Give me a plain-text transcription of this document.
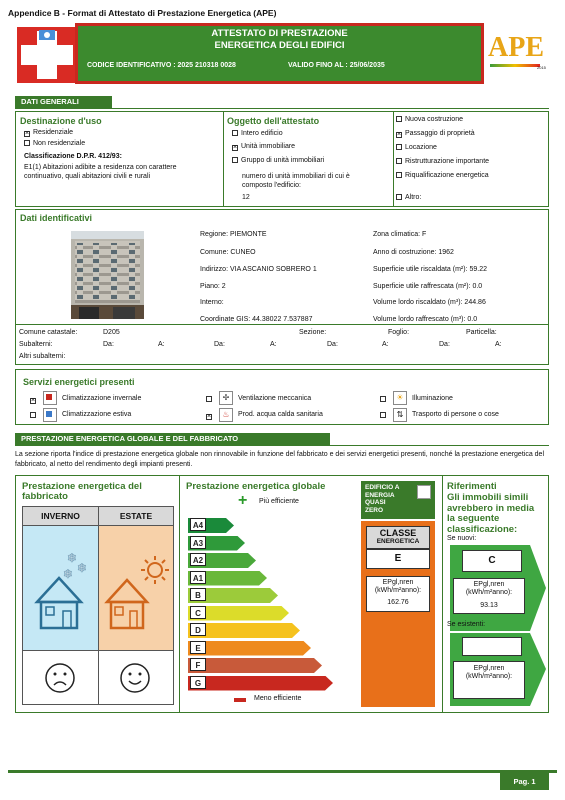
Appendice B - Format di Attestato di Prestazione Energetica (APE)
ATTESTATO DI PRESTAZIONE
ENERGETICA DEGLI EDIFICI
CODICE IDENTIFICATIVO : 2025 210318 0028	VALIDO FINO AL : 25/06/2035
APE
2015
DATI GENERALI
Destinazione d'uso
×Residenziale
Non residenziale
Classificazione D.P.R. 412/93:
E1(1) Abitazioni adibite a residenza con carattere continuativo, quali abitazioni civili e rurali
Oggetto dell'attestato
Intero edificio
×Unità immobiliare
Gruppo di unità immobiliari
numero di unità immobiliari di cui è composto l'edificio:
12
Nuova costruzione
×Passaggio di proprietà
Locazione
Ristrutturazione importante
Riqualificazione energetica
Altro:
Dati identificativi
Regione: PIEMONTE
Comune: CUNEO
Indirizzo: VIA ASCANIO SOBRERO 1
Piano: 2
Interno:
Coordinate GIS: 44.38022 7.537887
Zona climatica: F
Anno di costruzione: 1962
Superficie utile riscaldata (m²): 59.22
Superficie utile raffrescata (m²): 0.0
Volume lordo riscaldato (m³): 244.86
Volume lordo raffrescato (m³): 0.0
Comune catastale:	D205	Sezione:	Foglio:	Particella:
Subalterni:	Da:	A:	Da:	A:	Da:	A:	Da:	A:
Altri subalterni:
Servizi energetici presenti
×
Climatizzazione invernale
Climatizzazione estiva
✢	Ventilazione meccanica
×
♨	Prod. acqua calda sanitaria
☀	Illuminazione
⇅	Trasporto di persone o cose
PRESTAZIONE ENERGETICA GLOBALE E DEL FABBRICATO
La sezione riporta l'indice di prestazione energetica globale non rinnovabile in funzione del fabbricato e dei servizi energetici presenti, nonché la prestazione energetica del fabbricato, al netto del rendimento degli impianti presenti.
Prestazione energetica del
fabbricato
INVERNO	ESTATE
❄
❄
❄
Prestazione energetica globale
+ Più efficiente
A4
A3
A2
A1
B
C
D
E
F
G
Meno efficiente
EDIFICIO A
ENERGIA
QUASI
ZERO
CLASSE
ENERGETICA
E
EPgl,nren
(kWh/m²anno):
162.76
Riferimenti
Gli immobili simili avrebbero in media la seguente classificazione:
Se nuovi:
C
EPgl,nren
(kWh/m²anno):
93.13
Se esistenti:
EPgl,nren
(kWh/m²anno):
Pag. 1
